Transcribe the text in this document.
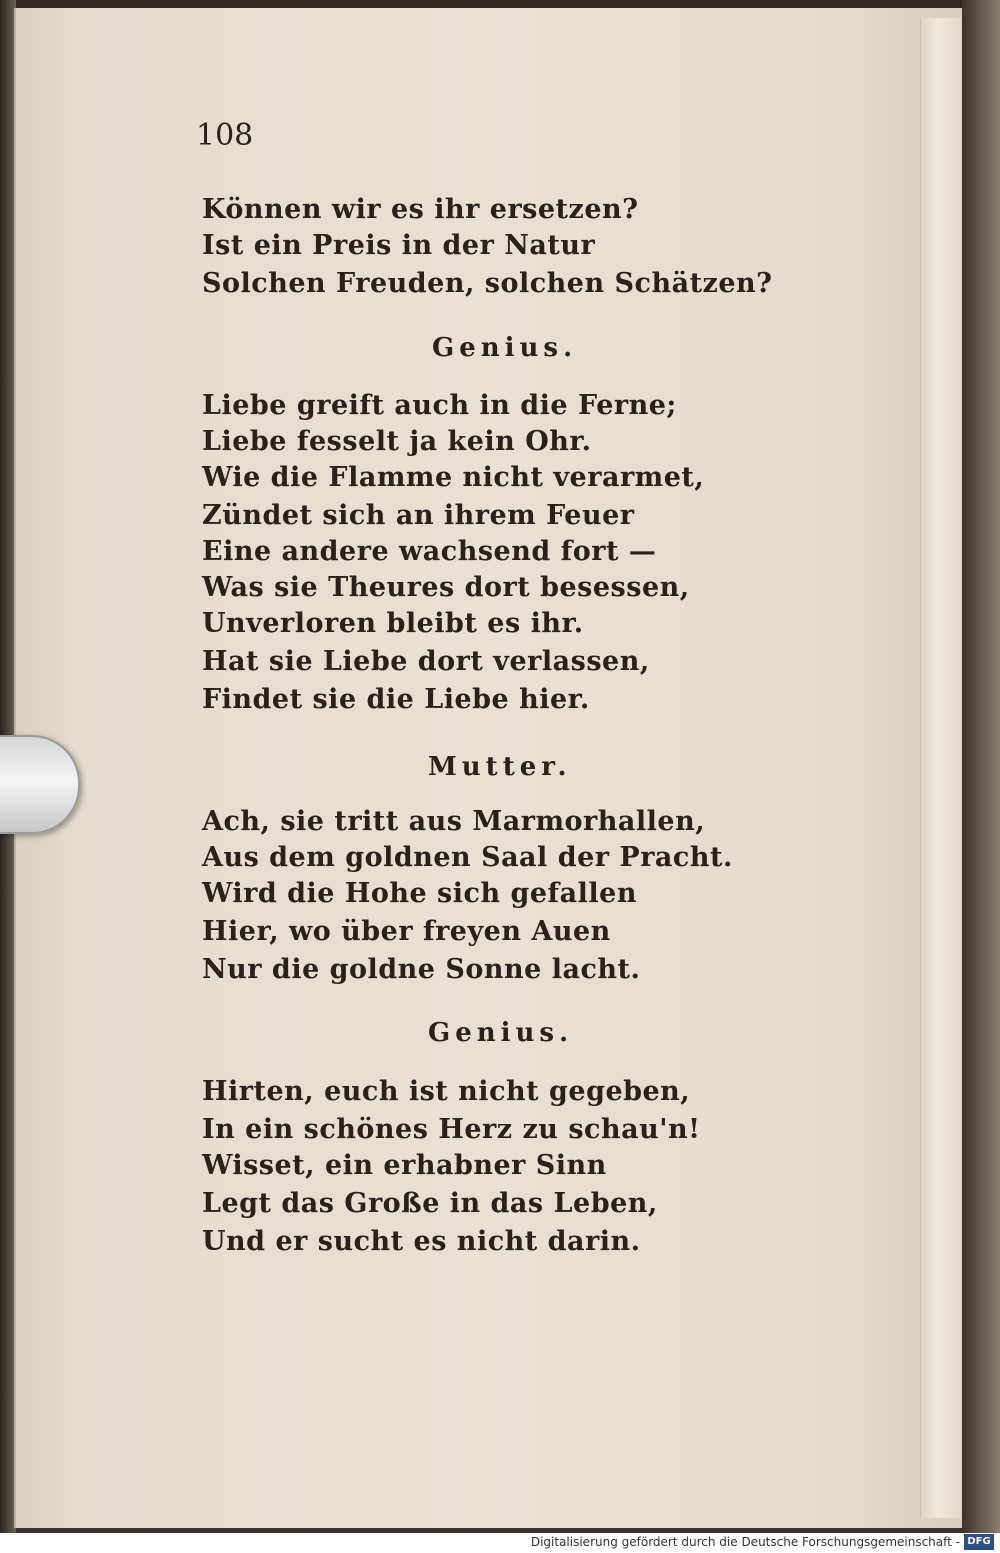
108
Können wir es ihr ersetzen?
Ist ein Preis in der Natur
Solchen Freuden, solchen Schätzen?
Genius.
Liebe greift auch in die Ferne;
Liebe fesselt ja kein Ohr.
Wie die Flamme nicht verarmet,
Zündet sich an ihrem Feuer
Eine andere wachsend fort —
Was sie Theures dort besessen,
Unverloren bleibt es ihr.
Hat sie Liebe dort verlassen,
Findet sie die Liebe hier.
Mutter.
Ach, sie tritt aus Marmorhallen,
Aus dem goldnen Saal der Pracht.
Wird die Hohe sich gefallen
Hier, wo über freyen Auen
Nur die goldne Sonne lacht.
Genius.
Hirten, euch ist nicht gegeben,
In ein schönes Herz zu schau'n!
Wisset, ein erhabner Sinn
Legt das Große in das Leben,
Und er sucht es nicht darin.
Digitalisierung gefördert durch die Deutsche Forschungsgemeinschaft - DFG
